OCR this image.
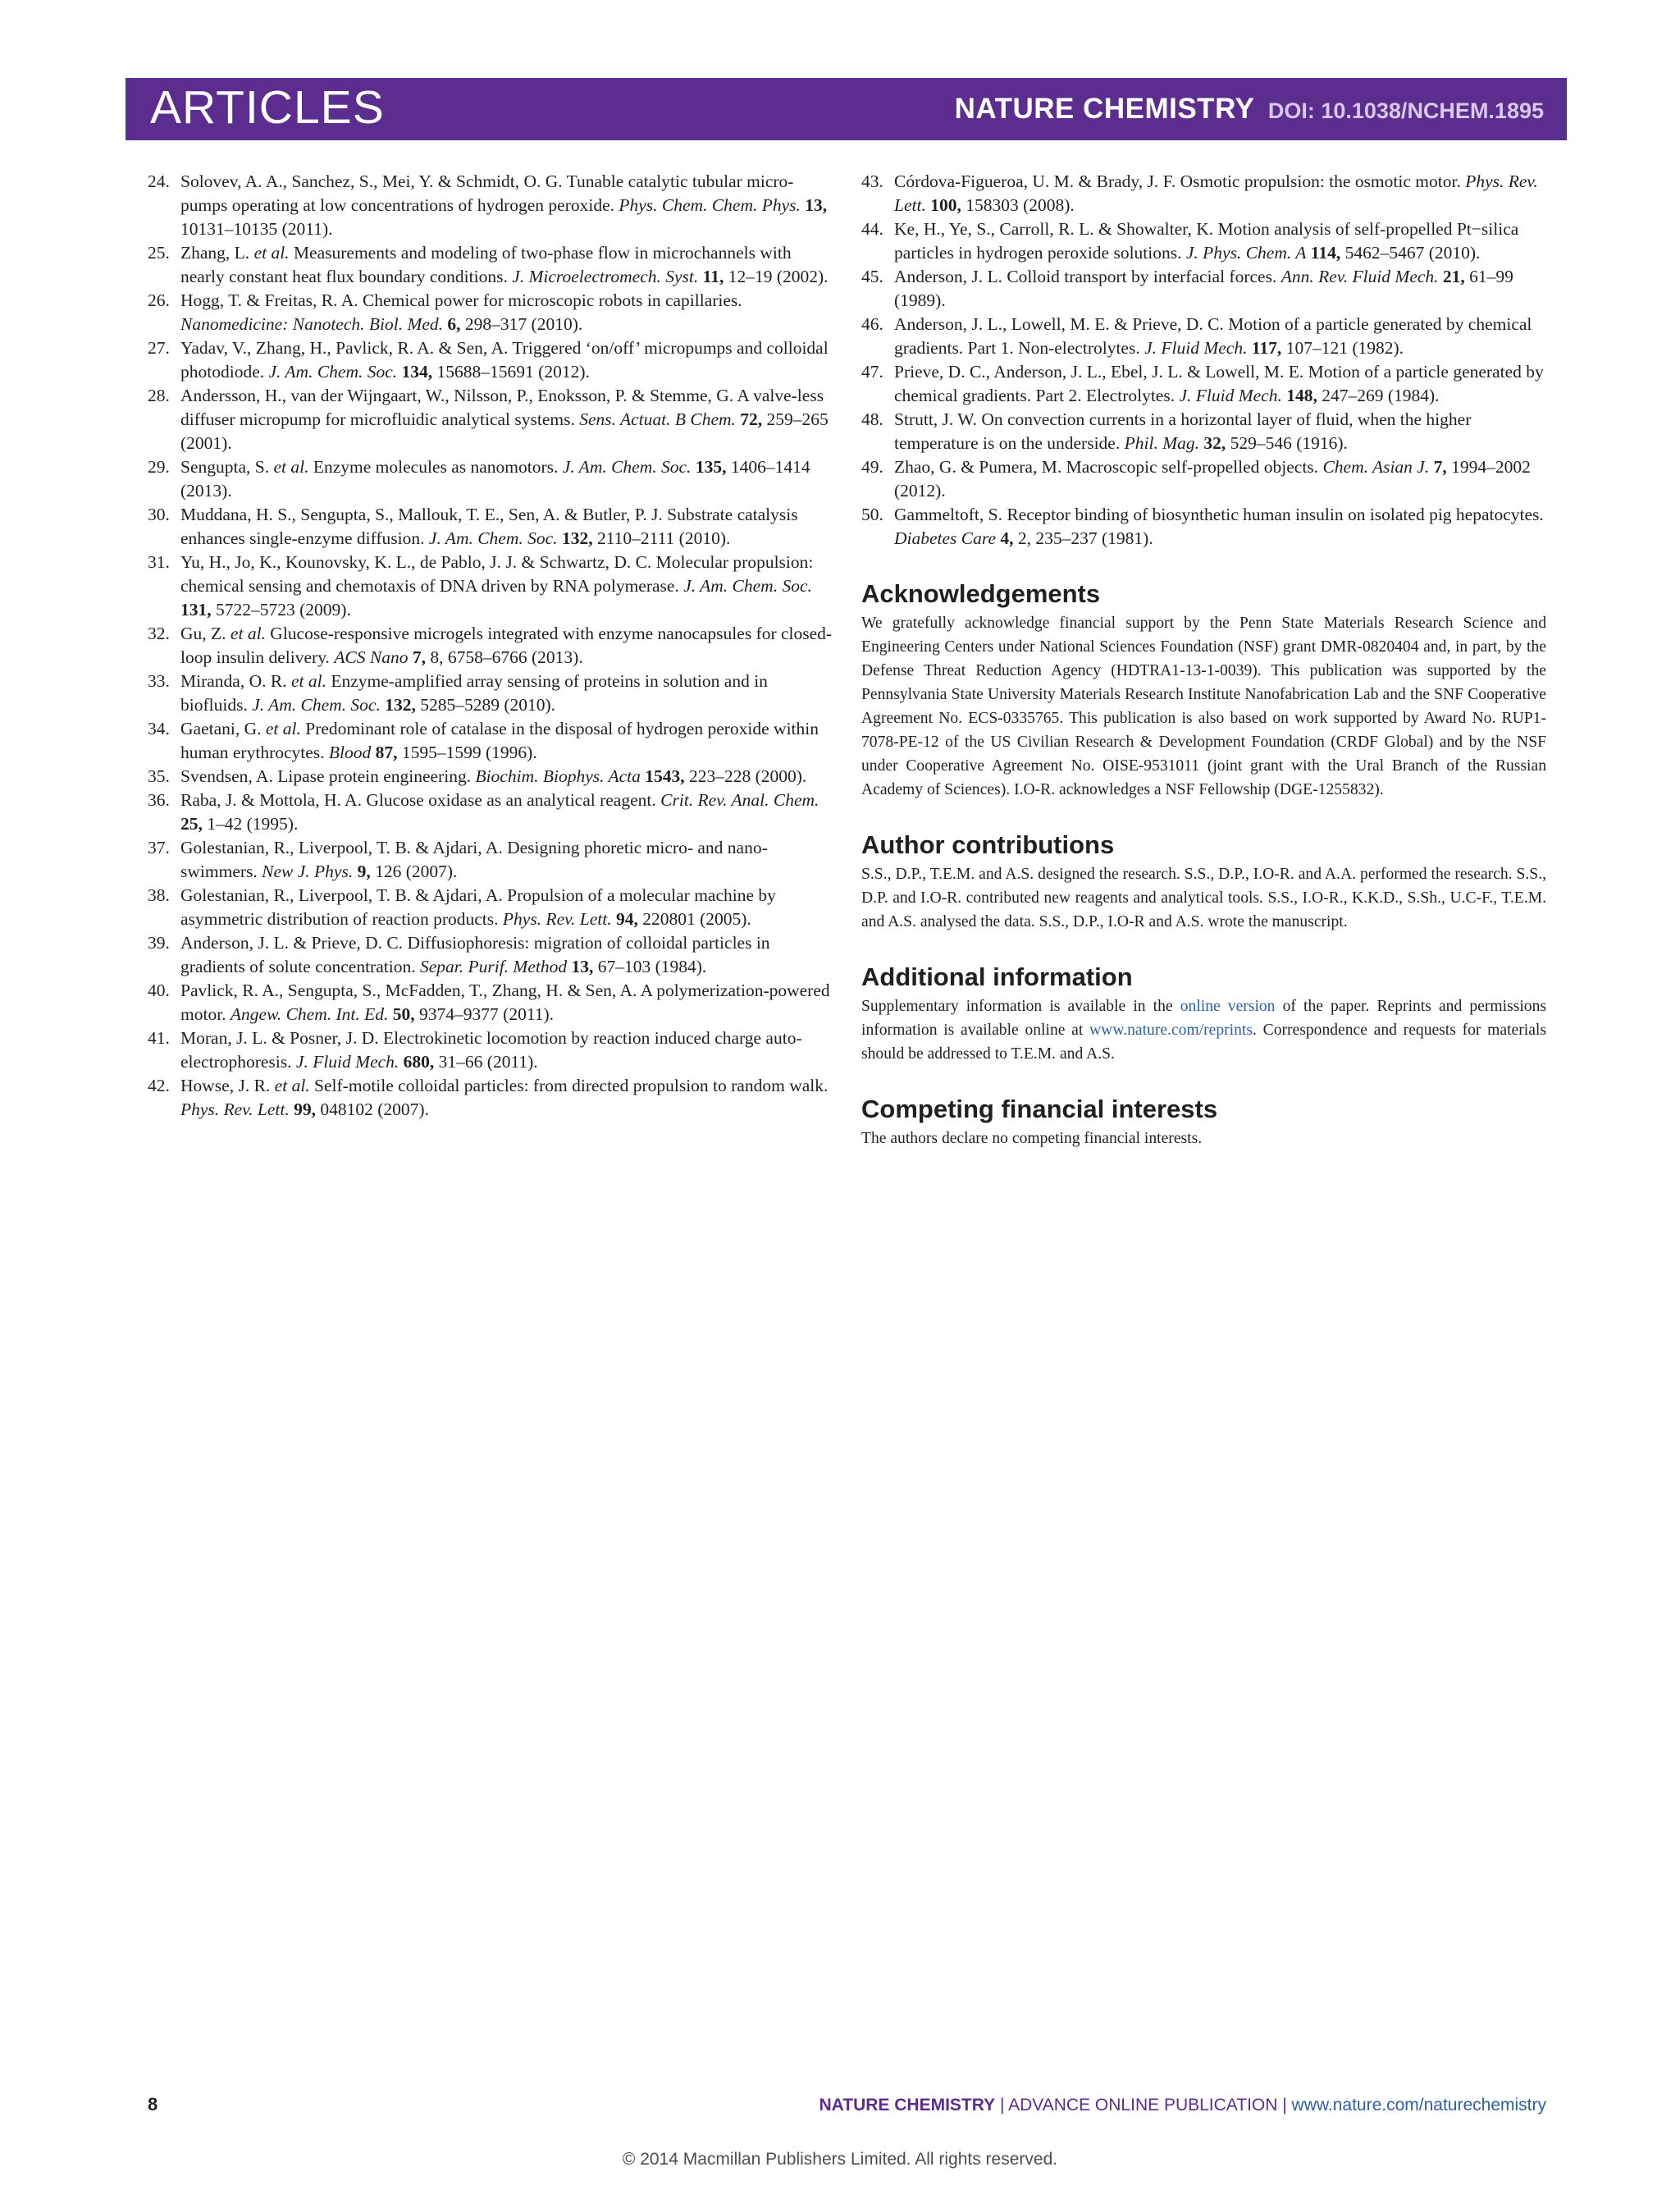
ARTICLES	NATURE CHEMISTRY DOI: 10.1038/NCHEM.1895
24. Solovev, A. A., Sanchez, S., Mei, Y. & Schmidt, O. G. Tunable catalytic tubular micro-pumps operating at low concentrations of hydrogen peroxide. Phys. Chem. Chem. Phys. 13, 10131–10135 (2011).
25. Zhang, L. et al. Measurements and modeling of two-phase flow in microchannels with nearly constant heat flux boundary conditions. J. Microelectromech. Syst. 11, 12–19 (2002).
26. Hogg, T. & Freitas, R. A. Chemical power for microscopic robots in capillaries. Nanomedicine: Nanotech. Biol. Med. 6, 298–317 (2010).
27. Yadav, V., Zhang, H., Pavlick, R. A. & Sen, A. Triggered ‘on/off’ micropumps and colloidal photodiode. J. Am. Chem. Soc. 134, 15688–15691 (2012).
28. Andersson, H., van der Wijngaart, W., Nilsson, P., Enoksson, P. & Stemme, G. A valve-less diffuser micropump for microfluidic analytical systems. Sens. Actuat. B Chem. 72, 259–265 (2001).
29. Sengupta, S. et al. Enzyme molecules as nanomotors. J. Am. Chem. Soc. 135, 1406–1414 (2013).
30. Muddana, H. S., Sengupta, S., Mallouk, T. E., Sen, A. & Butler, P. J. Substrate catalysis enhances single-enzyme diffusion. J. Am. Chem. Soc. 132, 2110–2111 (2010).
31. Yu, H., Jo, K., Kounovsky, K. L., de Pablo, J. J. & Schwartz, D. C. Molecular propulsion: chemical sensing and chemotaxis of DNA driven by RNA polymerase. J. Am. Chem. Soc. 131, 5722–5723 (2009).
32. Gu, Z. et al. Glucose-responsive microgels integrated with enzyme nanocapsules for closed-loop insulin delivery. ACS Nano 7, 8, 6758–6766 (2013).
33. Miranda, O. R. et al. Enzyme-amplified array sensing of proteins in solution and in biofluids. J. Am. Chem. Soc. 132, 5285–5289 (2010).
34. Gaetani, G. et al. Predominant role of catalase in the disposal of hydrogen peroxide within human erythrocytes. Blood 87, 1595–1599 (1996).
35. Svendsen, A. Lipase protein engineering. Biochim. Biophys. Acta 1543, 223–228 (2000).
36. Raba, J. & Mottola, H. A. Glucose oxidase as an analytical reagent. Crit. Rev. Anal. Chem. 25, 1–42 (1995).
37. Golestanian, R., Liverpool, T. B. & Ajdari, A. Designing phoretic micro- and nano-swimmers. New J. Phys. 9, 126 (2007).
38. Golestanian, R., Liverpool, T. B. & Ajdari, A. Propulsion of a molecular machine by asymmetric distribution of reaction products. Phys. Rev. Lett. 94, 220801 (2005).
39. Anderson, J. L. & Prieve, D. C. Diffusiophoresis: migration of colloidal particles in gradients of solute concentration. Separ. Purif. Method 13, 67–103 (1984).
40. Pavlick, R. A., Sengupta, S., McFadden, T., Zhang, H. & Sen, A. A polymerization-powered motor. Angew. Chem. Int. Ed. 50, 9374–9377 (2011).
41. Moran, J. L. & Posner, J. D. Electrokinetic locomotion by reaction induced charge auto-electrophoresis. J. Fluid Mech. 680, 31–66 (2011).
42. Howse, J. R. et al. Self-motile colloidal particles: from directed propulsion to random walk. Phys. Rev. Lett. 99, 048102 (2007).
43. Córdova-Figueroa, U. M. & Brady, J. F. Osmotic propulsion: the osmotic motor. Phys. Rev. Lett. 100, 158303 (2008).
44. Ke, H., Ye, S., Carroll, R. L. & Showalter, K. Motion analysis of self-propelled Pt−silica particles in hydrogen peroxide solutions. J. Phys. Chem. A 114, 5462–5467 (2010).
45. Anderson, J. L. Colloid transport by interfacial forces. Ann. Rev. Fluid Mech. 21, 61–99 (1989).
46. Anderson, J. L., Lowell, M. E. & Prieve, D. C. Motion of a particle generated by chemical gradients. Part 1. Non-electrolytes. J. Fluid Mech. 117, 107–121 (1982).
47. Prieve, D. C., Anderson, J. L., Ebel, J. L. & Lowell, M. E. Motion of a particle generated by chemical gradients. Part 2. Electrolytes. J. Fluid Mech. 148, 247–269 (1984).
48. Strutt, J. W. On convection currents in a horizontal layer of fluid, when the higher temperature is on the underside. Phil. Mag. 32, 529–546 (1916).
49. Zhao, G. & Pumera, M. Macroscopic self-propelled objects. Chem. Asian J. 7, 1994–2002 (2012).
50. Gammeltoft, S. Receptor binding of biosynthetic human insulin on isolated pig hepatocytes. Diabetes Care 4, 2, 235–237 (1981).
Acknowledgements

We gratefully acknowledge financial support by the Penn State Materials Research Science and Engineering Centers under National Sciences Foundation (NSF) grant DMR-0820404 and, in part, by the Defense Threat Reduction Agency (HDTRA1-13-1-0039). This publication was supported by the Pennsylvania State University Materials Research Institute Nanofabrication Lab and the SNF Cooperative Agreement No. ECS-0335765. This publication is also based on work supported by Award No. RUP1-7078-PE-12 of the US Civilian Research & Development Foundation (CRDF Global) and by the NSF under Cooperative Agreement No. OISE-9531011 (joint grant with the Ural Branch of the Russian Academy of Sciences). I.O-R. acknowledges a NSF Fellowship (DGE-1255832).

Author contributions

S.S., D.P., T.E.M. and A.S. designed the research. S.S., D.P., I.O-R. and A.A. performed the research. S.S., D.P. and I.O-R. contributed new reagents and analytical tools. S.S., I.O-R., K.K.D., S.Sh., U.C-F., T.E.M. and A.S. analysed the data. S.S., D.P., I.O-R and A.S. wrote the manuscript.

Additional information

Supplementary information is available in the online version of the paper. Reprints and permissions information is available online at www.nature.com/reprints. Correspondence and requests for materials should be addressed to T.E.M. and A.S.

Competing financial interests

The authors declare no competing financial interests.

8	NATURE CHEMISTRY | ADVANCE ONLINE PUBLICATION | www.nature.com/naturechemistry
© 2014 Macmillan Publishers Limited. All rights reserved.
